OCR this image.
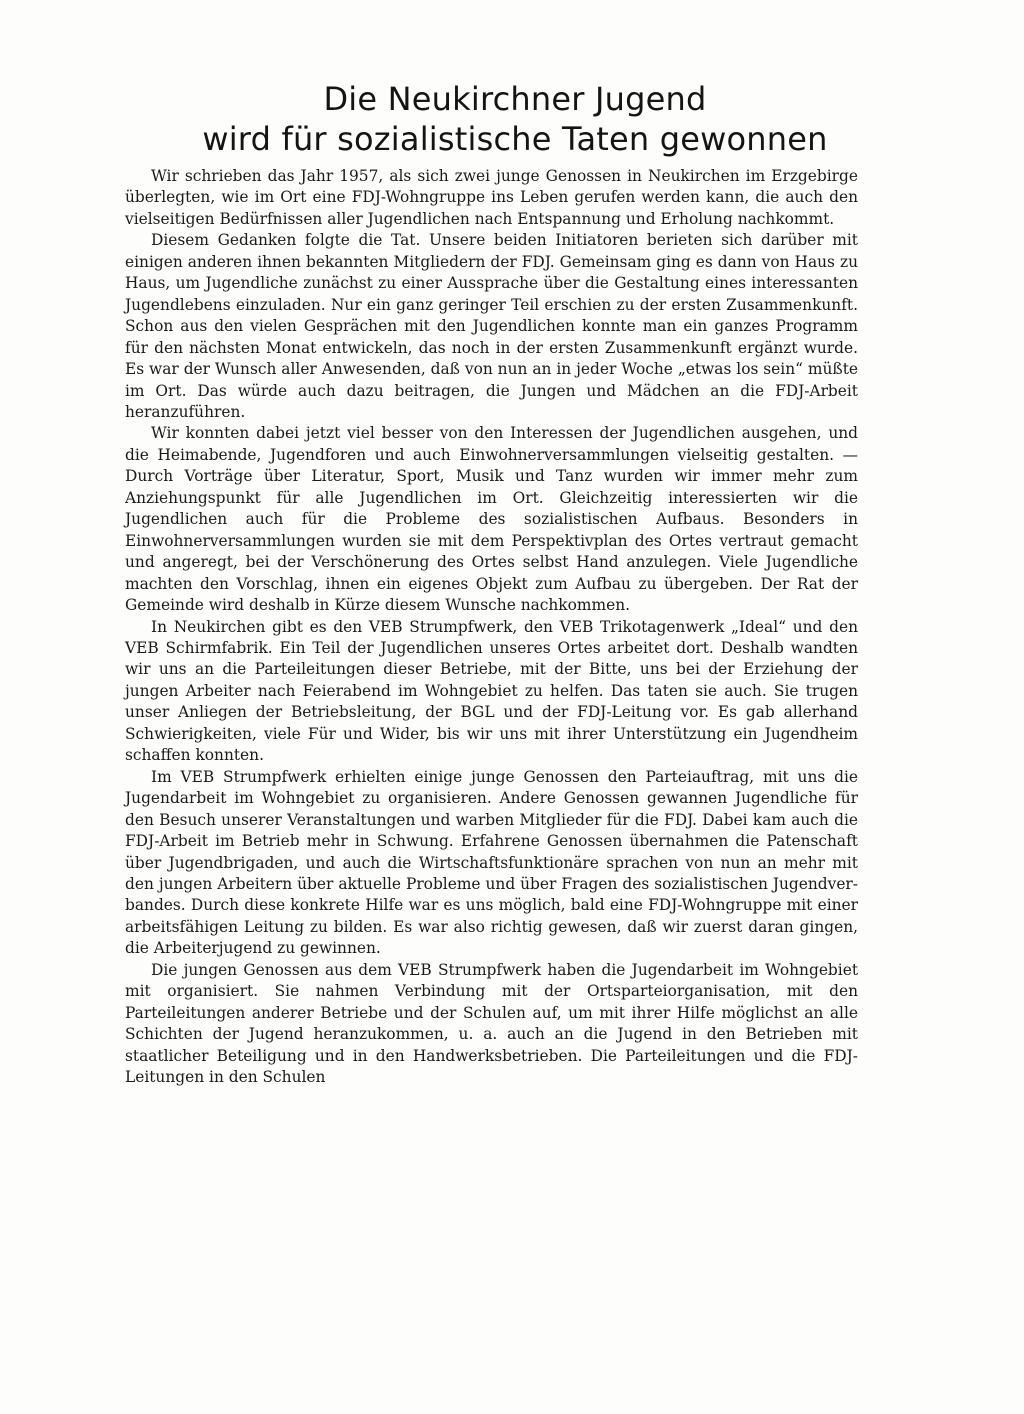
Die Neukirchner Jugend
wird für sozialistische Taten gewonnen

Wir schrieben das Jahr 1957, als sich zwei junge Genossen in Neukirchen im Erzgebirge überlegten, wie im Ort eine FDJ-Wohngruppe ins Leben gerufen werden kann, die auch den vielseitigen Bedürfnissen aller Jugendlichen nach Entspannung und Erholung nachkommt.

Diesem Gedanken folgte die Tat. Unsere beiden Initiatoren berieten sich darüber mit einigen anderen ihnen bekannten Mitgliedern der FDJ. Gemeinsam ging es dann von Haus zu Haus, um Jugendliche zunächst zu einer Aussprache über die Gestaltung eines interessanten Jugendlebens einzuladen. Nur ein ganz geringer Teil erschien zu der ersten Zusammenkunft. Schon aus den vielen Gesprächen mit den Jugendlichen konnte man ein ganzes Programm für den nächsten Monat entwickeln, das noch in der ersten Zusammenkunft ergänzt wurde. Es war der Wunsch aller Anwesenden, daß von nun an in jeder Woche „etwas los sein“ müßte im Ort. Das würde auch dazu beitragen, die Jungen und Mädchen an die FDJ-Arbeit heranzuführen.

Wir konnten dabei jetzt viel besser von den Interessen der Jugendlichen ausgehen, und die Heimabende, Jugendforen und auch Einwohnerversammlungen vielseitig gestalten. — Durch Vorträge über Literatur, Sport, Musik und Tanz wurden wir immer mehr zum Anziehungspunkt für alle Jugendlichen im Ort. Gleichzeitig interessierten wir die Jugendlichen auch für die Probleme des sozialistischen Aufbaus. Besonders in Einwohnerversammlungen wurden sie mit dem Perspektivplan des Ortes vertraut gemacht und angeregt, bei der Verschönerung des Ortes selbst Hand anzulegen. Viele Jugendliche machten den Vorschlag, ihnen ein eigenes Objekt zum Aufbau zu übergeben. Der Rat der Gemeinde wird deshalb in Kürze diesem Wunsche nachkommen.

In Neukirchen gibt es den VEB Strumpfwerk, den VEB Trikotagenwerk „Ideal“ und den VEB Schirmfabrik. Ein Teil der Jugendlichen unseres Ortes arbeitet dort. Deshalb wandten wir uns an die Parteileitungen dieser Betriebe, mit der Bitte, uns bei der Erziehung der jungen Arbeiter nach Feierabend im Wohngebiet zu helfen. Das taten sie auch. Sie trugen unser Anliegen der Betriebsleitung, der BGL und der FDJ-Leitung vor. Es gab allerhand Schwierigkeiten, viele Für und Wider, bis wir uns mit ihrer Unterstützung ein Jugendheim schaffen konnten.

Im VEB Strumpfwerk erhielten einige junge Genossen den Parteiauftrag, mit uns die Jugendarbeit im Wohngebiet zu organisieren. Andere Genossen gewannen Jugendliche für den Besuch unserer Veranstaltungen und warben Mitglieder für die FDJ. Dabei kam auch die FDJ-Arbeit im Betrieb mehr in Schwung. Erfahrene Genossen übernahmen die Patenschaft über Jugendbrigaden, und auch die Wirtschaftsfunktionäre sprachen von nun an mehr mit den jungen Arbeitern über aktuelle Probleme und über Fragen des sozialistischen Jugendverbandes. Durch diese konkrete Hilfe war es uns möglich, bald eine FDJ-Wohngruppe mit einer arbeitsfähigen Leitung zu bilden. Es war also richtig gewesen, daß wir zuerst daran gingen, die Arbeiterjugend zu gewinnen.

Die jungen Genossen aus dem VEB Strumpfwerk haben die Jugendarbeit im Wohngebiet mit organisiert. Sie nahmen Verbindung mit der Ortsparteiorganisation, mit den Parteileitungen anderer Betriebe und der Schulen auf, um mit ihrer Hilfe möglichst an alle Schichten der Jugend heranzukommen, u. a. auch an die Jugend in den Betrieben mit staatlicher Beteiligung und in den Handwerksbetrieben. Die Parteileitungen und die FDJ-Leitungen in den Schulen
